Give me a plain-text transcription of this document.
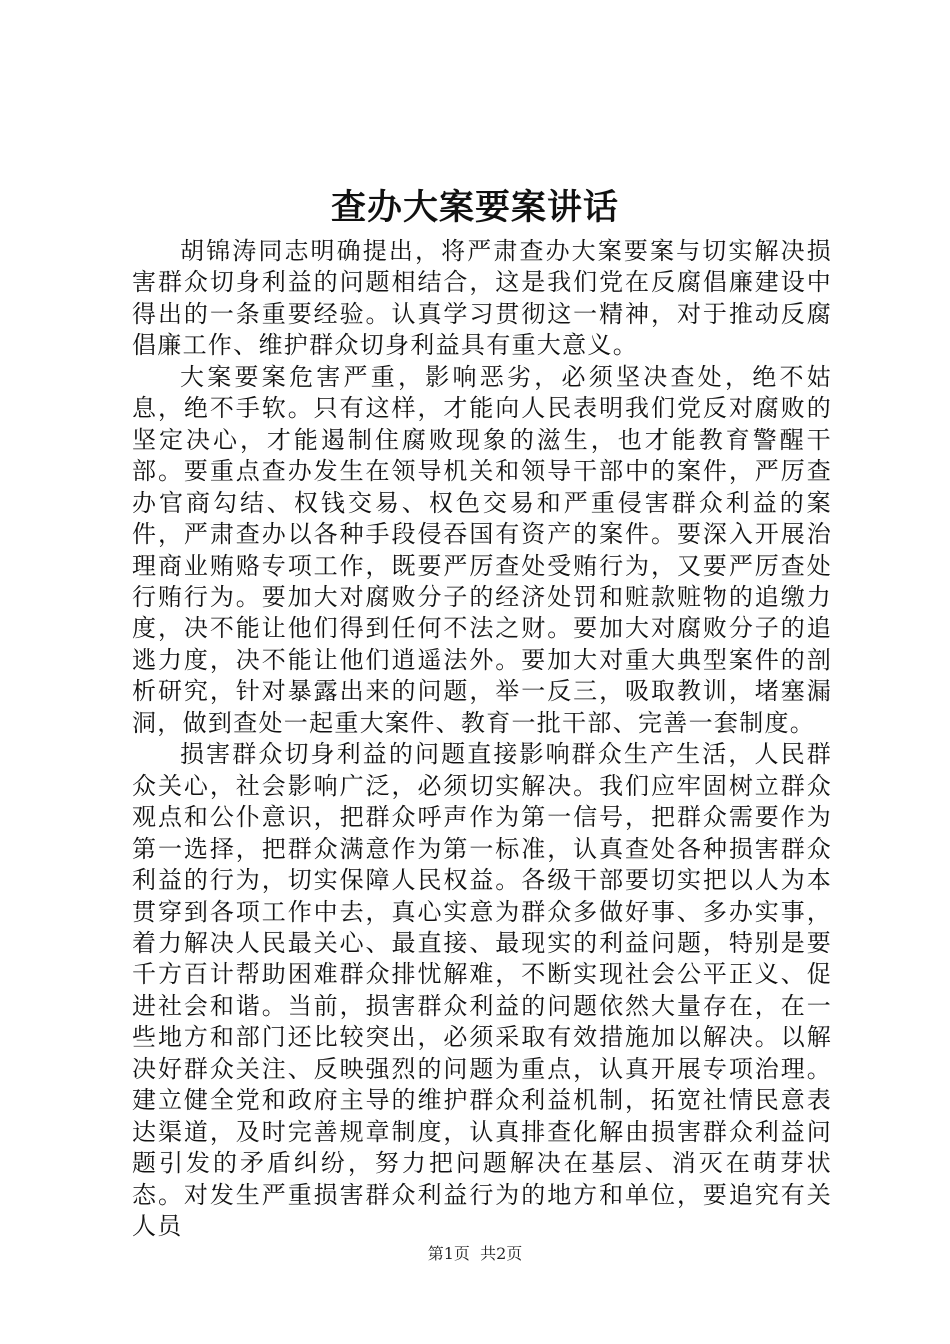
查办大案要案讲话

胡锦涛同志明确提出，将严肃查办大案要案与切实解决损害群众切身利益的问题相结合，这是我们党在反腐倡廉建设中得出的一条重要经验。认真学习贯彻这一精神，对于推动反腐倡廉工作、维护群众切身利益具有重大意义。

大案要案危害严重，影响恶劣，必须坚决查处，绝不姑息，绝不手软。只有这样，才能向人民表明我们党反对腐败的坚定决心，才能遏制住腐败现象的滋生，也才能教育警醒干部。要重点查办发生在领导机关和领导干部中的案件，严厉查办官商勾结、权钱交易、权色交易和严重侵害群众利益的案件，严肃查办以各种手段侵吞国有资产的案件。要深入开展治理商业贿赂专项工作，既要严厉查处受贿行为，又要严厉查处行贿行为。要加大对腐败分子的经济处罚和赃款赃物的追缴力度，决不能让他们得到任何不法之财。要加大对腐败分子的追逃力度，决不能让他们逍遥法外。要加大对重大典型案件的剖析研究，针对暴露出来的问题，举一反三，吸取教训，堵塞漏洞，做到查处一起重大案件、教育一批干部、完善一套制度。

损害群众切身利益的问题直接影响群众生产生活，人民群众关心，社会影响广泛，必须切实解决。我们应牢固树立群众观点和公仆意识，把群众呼声作为第一信号，把群众需要作为第一选择，把群众满意作为第一标准，认真查处各种损害群众利益的行为，切实保障人民权益。各级干部要切实把以人为本贯穿到各项工作中去，真心实意为群众多做好事、多办实事，着力解决人民最关心、最直接、最现实的利益问题，特别是要千方百计帮助困难群众排忧解难，不断实现社会公平正义、促进社会和谐。当前，损害群众利益的问题依然大量存在，在一些地方和部门还比较突出，必须采取有效措施加以解决。以解决好群众关注、反映强烈的问题为重点，认真开展专项治理。建立健全党和政府主导的维护群众利益机制，拓宽社情民意表达渠道，及时完善规章制度，认真排查化解由损害群众利益问题引发的矛盾纠纷，努力把问题解决在基层、消灭在萌芽状态。对发生严重损害群众利益行为的地方和单位，要追究有关人员

第1页 共2页
